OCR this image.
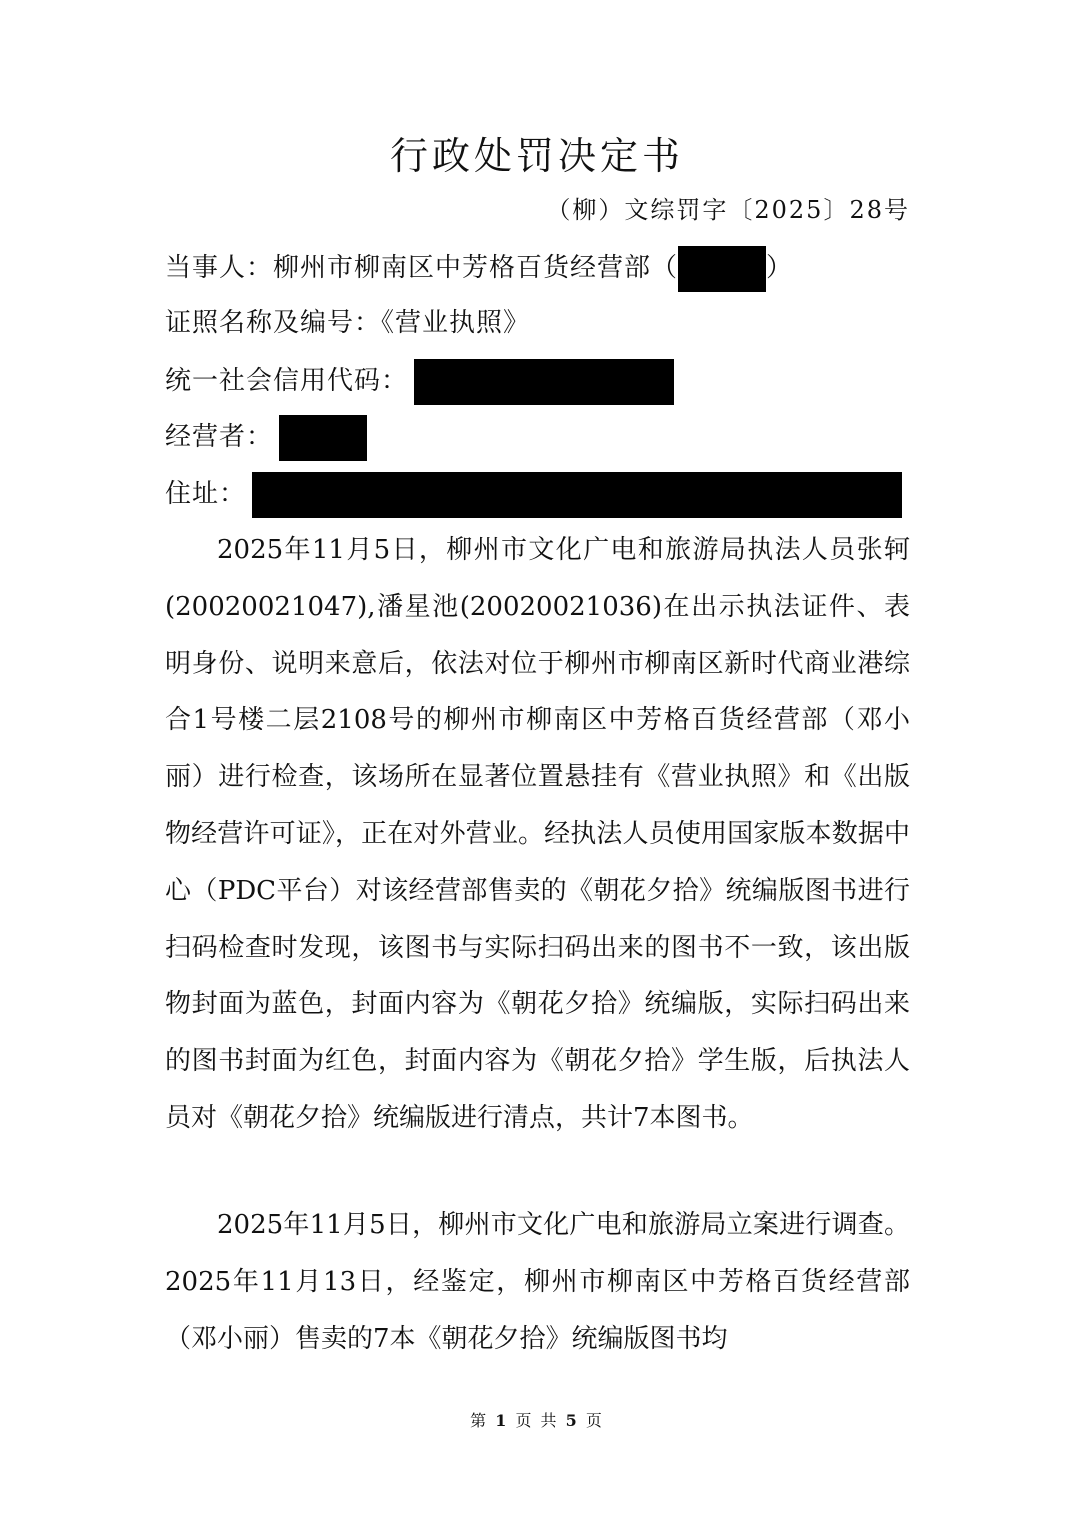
行政处罚决定书
（柳）文综罚字〔2025〕28号
当事人：柳州市柳南区中芳格百货经营部（	）
证照名称及编号：《营业执照》
统一社会信用代码：
经营者：
住址：

2025年11月5日，柳州市文化广电和旅游局执法人员张轲(20020021047),潘星池(20020021036)在出示执法证件、表明身份、说明来意后，依法对位于柳州市柳南区新时代商业港综合1号楼二层2108号的柳州市柳南区中芳格百货经营部（邓小丽）进行检查，该场所在显著位置悬挂有《营业执照》和《出版物经营许可证》，正在对外营业。经执法人员使用国家版本数据中心（PDC平台）对该经营部售卖的《朝花夕拾》统编版图书进行扫码检查时发现，该图书与实际扫码出来的图书不一致，该出版物封面为蓝色，封面内容为《朝花夕拾》统编版，实际扫码出来的图书封面为红色，封面内容为《朝花夕拾》学生版，后执法人员对《朝花夕拾》统编版进行清点，共计7本图书。

2025年11月5日，柳州市文化广电和旅游局立案进行调查。2025年11月13日，经鉴定，柳州市柳南区中芳格百货经营部（邓小丽）售卖的7本《朝花夕拾》统编版图书均

第 1 页 共 5 页
